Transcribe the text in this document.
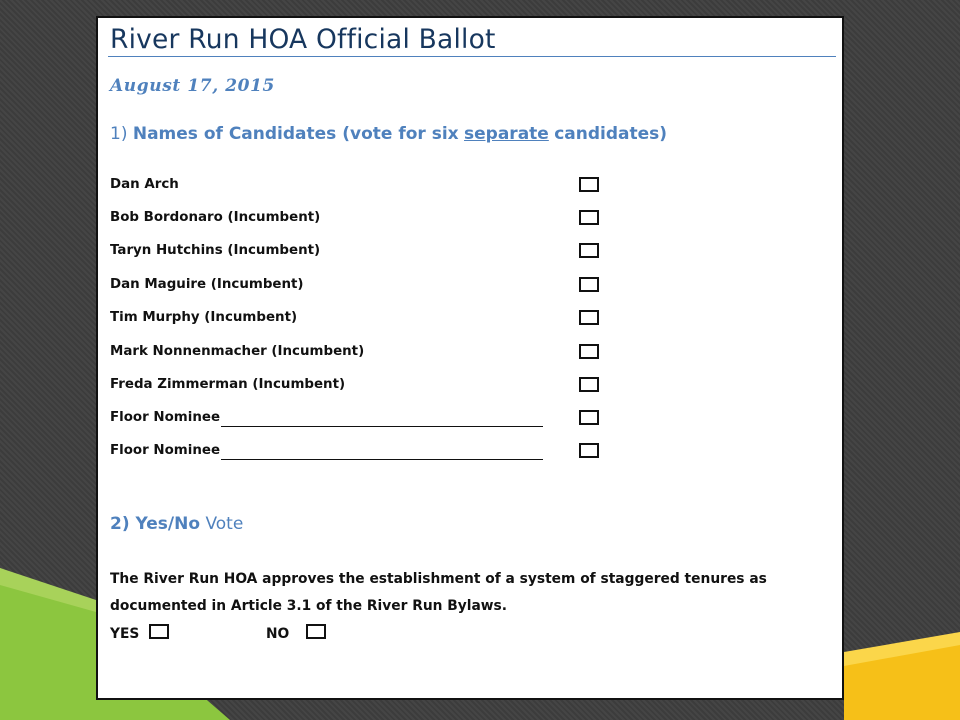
River Run HOA Official Ballot
August 17, 2015
1) Names of Candidates (vote for six separate candidates)
Dan Arch
Bob Bordonaro (Incumbent)
Taryn Hutchins (Incumbent)
Dan Maguire (Incumbent)
Tim Murphy (Incumbent)
Mark Nonnenmacher (Incumbent)
Freda Zimmerman (Incumbent)
Floor Nominee
Floor Nominee
2) Yes/No Vote

The River Run HOA approves the establishment of a system of staggered tenures as documented in Article 3.1 of the River Run Bylaws.

YES	NO
